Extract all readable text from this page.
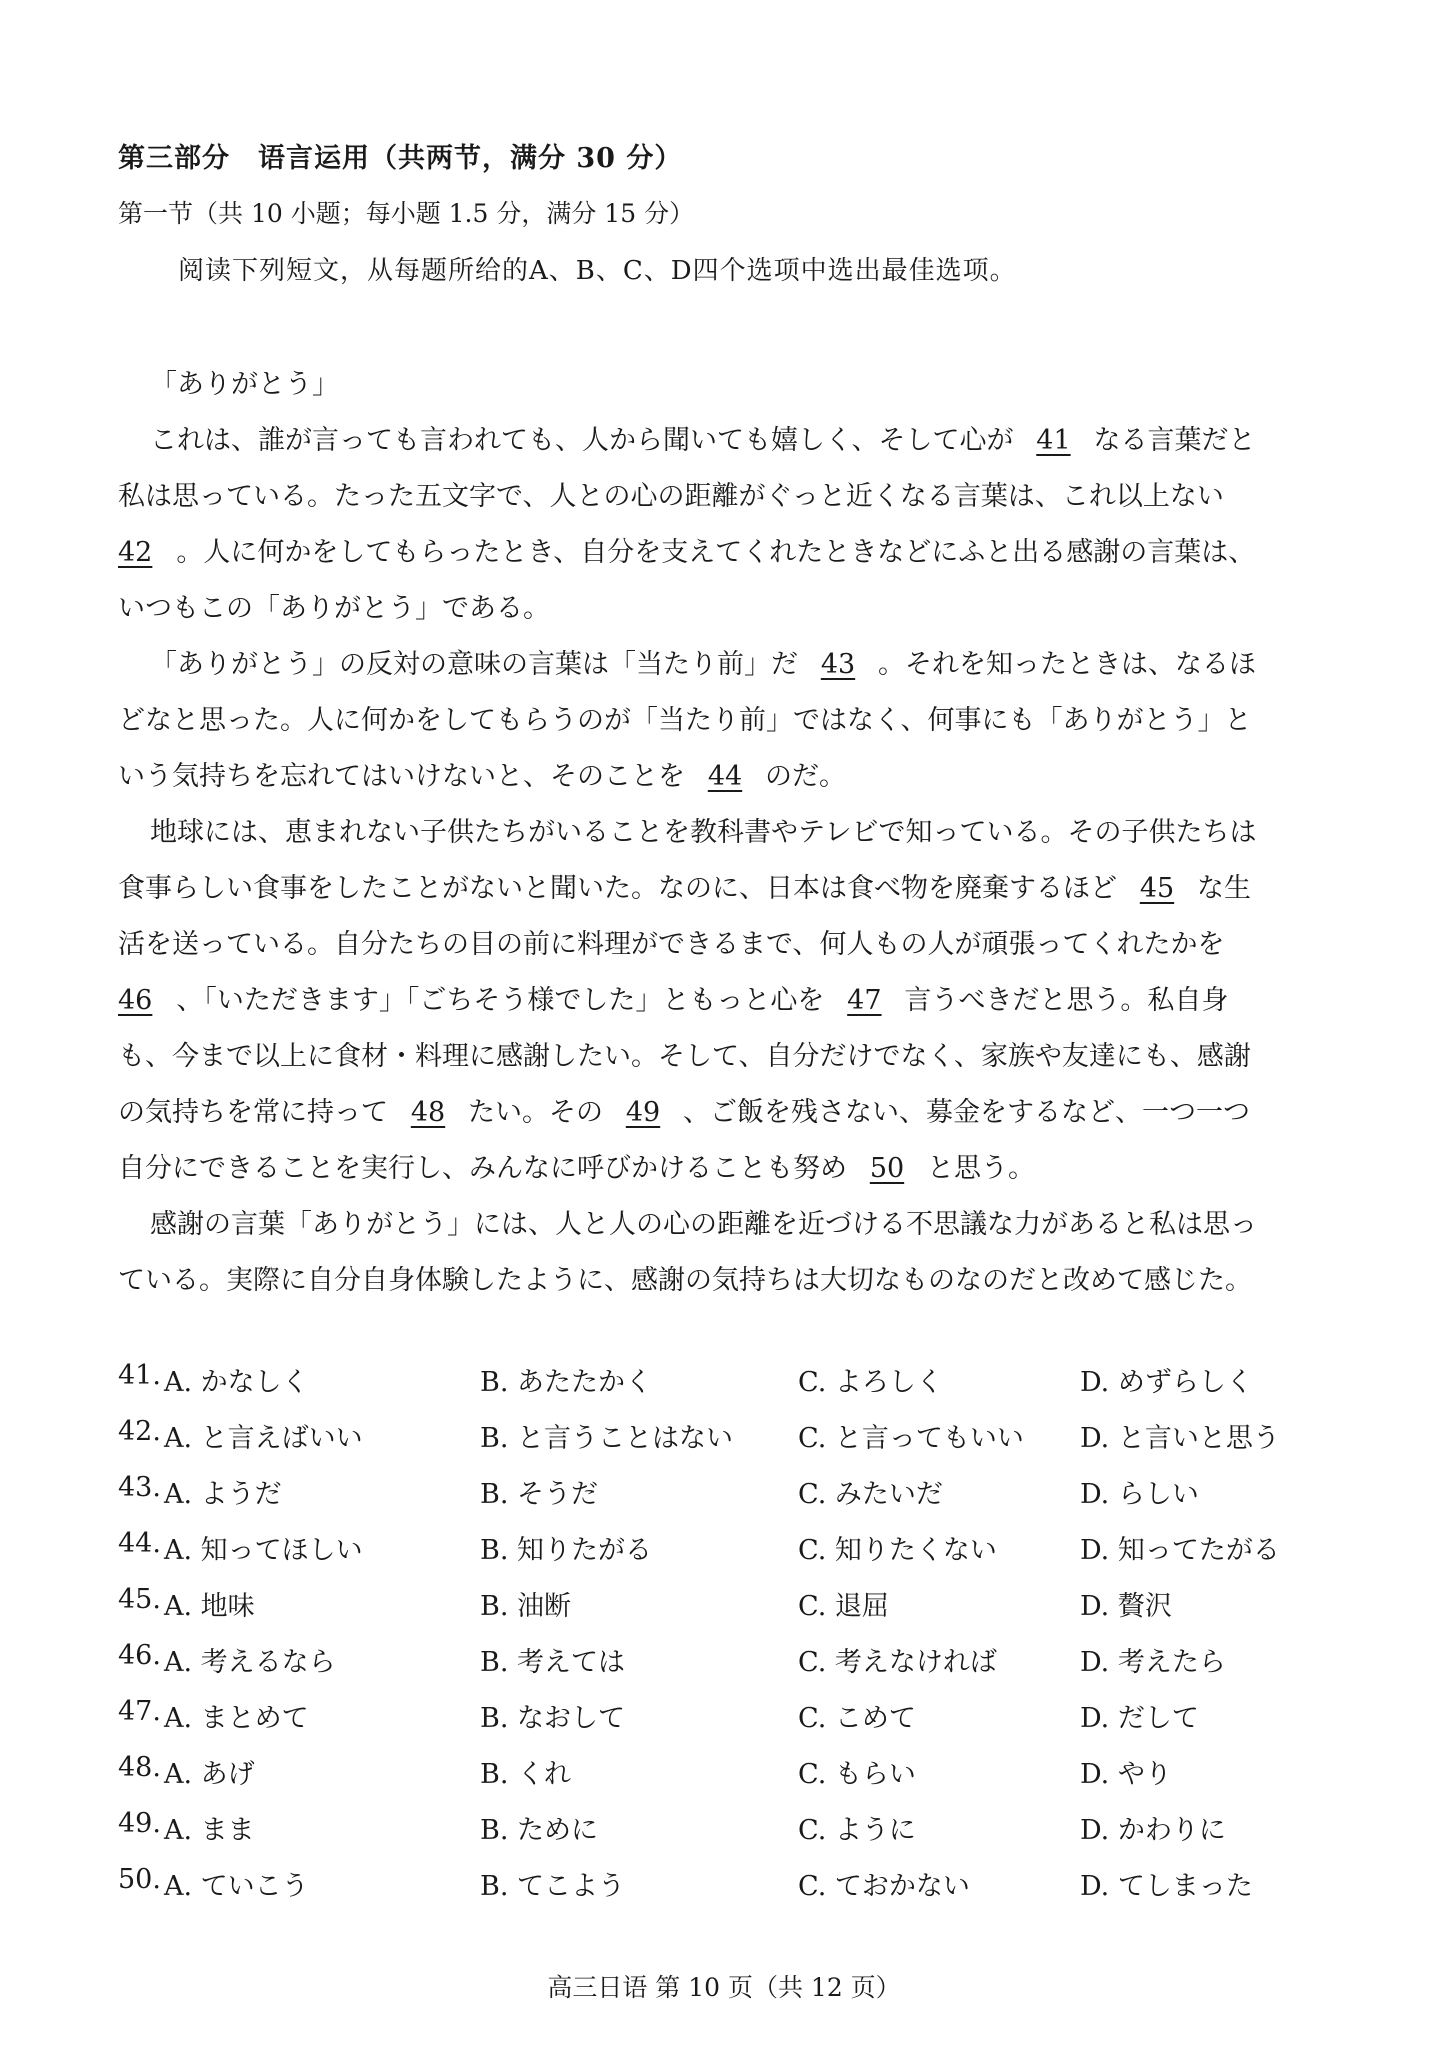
第三部分　语言运用（共两节，满分 30 分）
第一节（共 10 小题；每小题 1.5 分，满分 15 分）
阅读下列短文，从每题所给的A、B、C、D四个选项中选出最佳选项。
「ありがとう」
これは、誰が言っても言われても、人から聞いても嬉しく、そして心が 41 なる言葉だと
私は思っている。たった五文字で、人との心の距離がぐっと近くなる言葉は、これ以上ない
42 。人に何かをしてもらったとき、自分を支えてくれたときなどにふと出る感謝の言葉は、
いつもこの「ありがとう」である。
「ありがとう」の反対の意味の言葉は「当たり前」だ 43 。それを知ったときは、なるほ
どなと思った。人に何かをしてもらうのが「当たり前」ではなく、何事にも「ありがとう」と
いう気持ちを忘れてはいけないと、そのことを 44 のだ。
地球には、恵まれない子供たちがいることを教科書やテレビで知っている。その子供たちは
食事らしい食事をしたことがないと聞いた。なのに、日本は食べ物を廃棄するほど 45 な生
活を送っている。自分たちの目の前に料理ができるまで、何人もの人が頑張ってくれたかを
46 、「いただきます」「ごちそう様でした」ともっと心を 47 言うべきだと思う。私自身
も、今まで以上に食材・料理に感謝したい。そして、自分だけでなく、家族や友達にも、感謝
の気持ちを常に持って 48 たい。その 49 、ご飯を残さない、募金をするなど、一つ一つ
自分にできることを実行し、みんなに呼びかけることも努め 50 と思う。
感謝の言葉「ありがとう」には、人と人の心の距離を近づける不思議な力があると私は思っ
ている。実際に自分自身体験したように、感謝の気持ちは大切なものなのだと改めて感じた。
41. A. かなしく	B. あたたかく	C. よろしく	D. めずらしく
42. A. と言えばいい	B. と言うことはない C. と言ってもいい D. と言いと思う
43. A. ようだ	B. そうだ	C. みたいだ	D. らしい
44. A. 知ってほしい	B. 知りたがる	C. 知りたくない	D. 知ってたがる
45. A. 地味	B. 油断	C. 退屈	D. 贅沢
46. A. 考えるなら	B. 考えては	C. 考えなければ	D. 考えたら
47. A. まとめて	B. なおして	C. こめて	D. だして
48. A. あげ	B. くれ	C. もらい	D. やり
49. A. まま	B. ために	C. ように	D. かわりに
50. A. ていこう	B. てこよう	C. ておかない	D. てしまった
高三日语 第 10 页（共 12 页）
